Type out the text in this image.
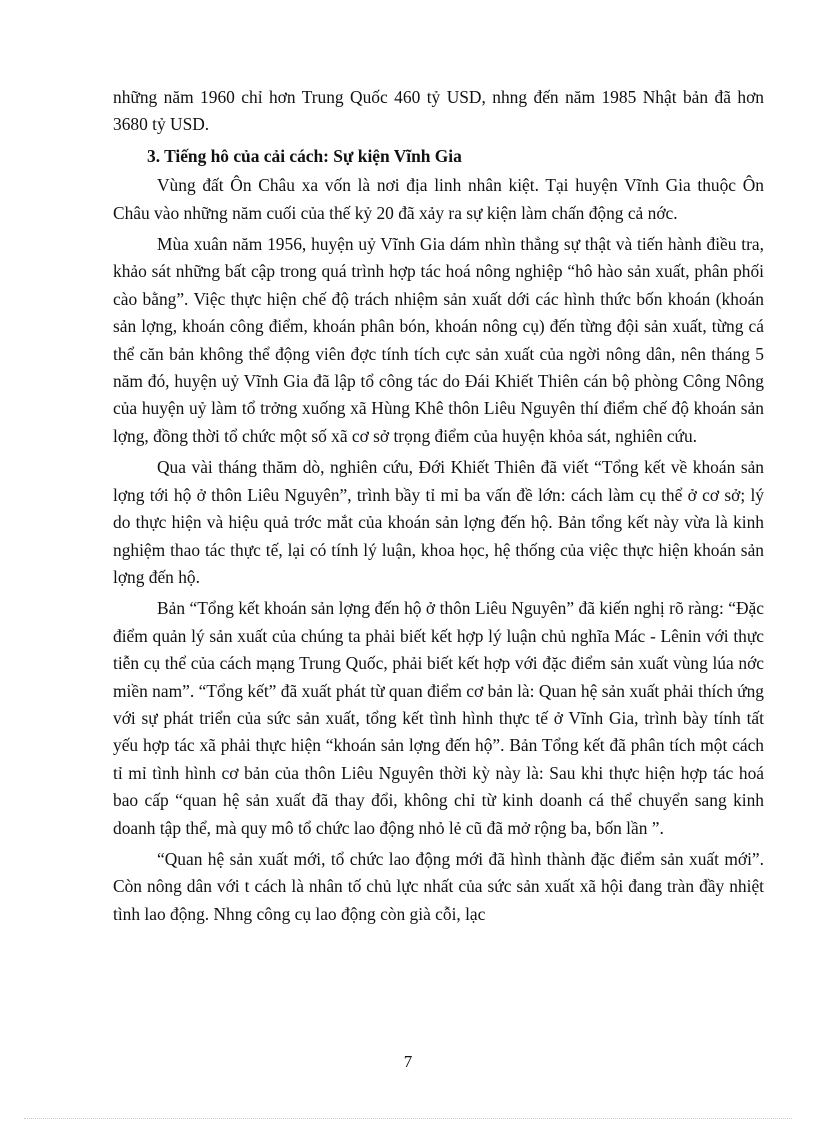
những năm 1960 chỉ hơn Trung Quốc 460 tỷ USD, nhng đến năm 1985 Nhật bản đã hơn 3680 tỷ USD.

3. Tiếng hô của cải cách: Sự kiện Vĩnh Gia

Vùng đất Ôn Châu xa vốn là nơi địa linh nhân kiệt. Tại huyện Vĩnh Gia thuộc Ôn Châu vào những năm cuối của thế kỷ 20 đã xảy ra sự kiện làm chấn động cả nớc.

Mùa xuân năm 1956, huyện uỷ Vĩnh Gia dám nhìn thẳng sự thật và tiến hành điều tra, khảo sát những bất cập trong quá trình hợp tác hoá nông nghiệp “hô hào sản xuất, phân phối cào bằng”. Việc thực hiện chế độ trách nhiệm sản xuất dới các hình thức bốn khoán (khoán sản lợng, khoán công điểm, khoán phân bón, khoán nông cụ) đến từng đội sản xuất, từng cá thể căn bản không thể động viên đợc tính tích cực sản xuất của ngời nông dân, nên tháng 5 năm đó, huyện uỷ Vĩnh Gia đã lập tổ công tác do Đái Khiết Thiên cán bộ phòng Công Nông của huyện uỷ làm tổ trởng xuống xã Hùng Khê thôn Liêu Nguyên thí điểm chế độ khoán sản lợng, đồng thời tổ chức một số xã cơ sở trọng điểm của huyện khỏa sát, nghiên cứu.

Qua vài tháng thăm dò, nghiên cứu, Đới Khiết Thiên đã viết “Tổng kết về khoán sản lợng tới hộ ở thôn Liêu Nguyên”, trình bầy tỉ mỉ ba vấn đề lớn: cách làm cụ thể ở cơ sở; lý do thực hiện và hiệu quả trớc mắt của khoán sản lợng đến hộ. Bản tổng kết này vừa là kinh nghiệm thao tác thực tế, lại có tính lý luận, khoa học, hệ thống của việc thực hiện khoán sản lợng đến hộ.

Bản “Tổng kết khoán sản lợng đến hộ ở thôn Liêu Nguyên” đã kiến nghị rõ ràng: “Đặc điểm quản lý sản xuất của chúng ta phải biết kết hợp lý luận chủ nghĩa Mác - Lênin với thực tiễn cụ thể của cách mạng Trung Quốc, phải biết kết hợp với đặc điểm sản xuất vùng lúa nớc miền nam”. “Tổng kết” đã xuất phát từ quan điểm cơ bản là: Quan hệ sản xuất phải thích ứng với sự phát triển của sức sản xuất, tổng kết tình hình thực tế ở Vĩnh Gia, trình bày tính tất yếu hợp tác xã phải thực hiện “khoán sản lợng đến hộ”. Bản Tổng kết đã phân tích một cách tỉ mỉ tình hình cơ bản của thôn Liêu Nguyên thời kỳ này là: Sau khi thực hiện hợp tác hoá bao cấp “quan hệ sản xuất đã thay đổi, không chỉ từ kinh doanh cá thể chuyển sang kinh doanh tập thể, mà quy mô tổ chức lao động nhỏ lẻ cũ đã mở rộng ba, bốn lần ”.

“Quan hệ sản xuất mới, tổ chức lao động mới đã hình thành đặc điểm sản xuất mới”. Còn nông dân với t cách là nhân tố chủ lực nhất của sức sản xuất xã hội đang tràn đầy nhiệt tình lao động. Nhng công cụ lao động còn già cỗi, lạc

7
